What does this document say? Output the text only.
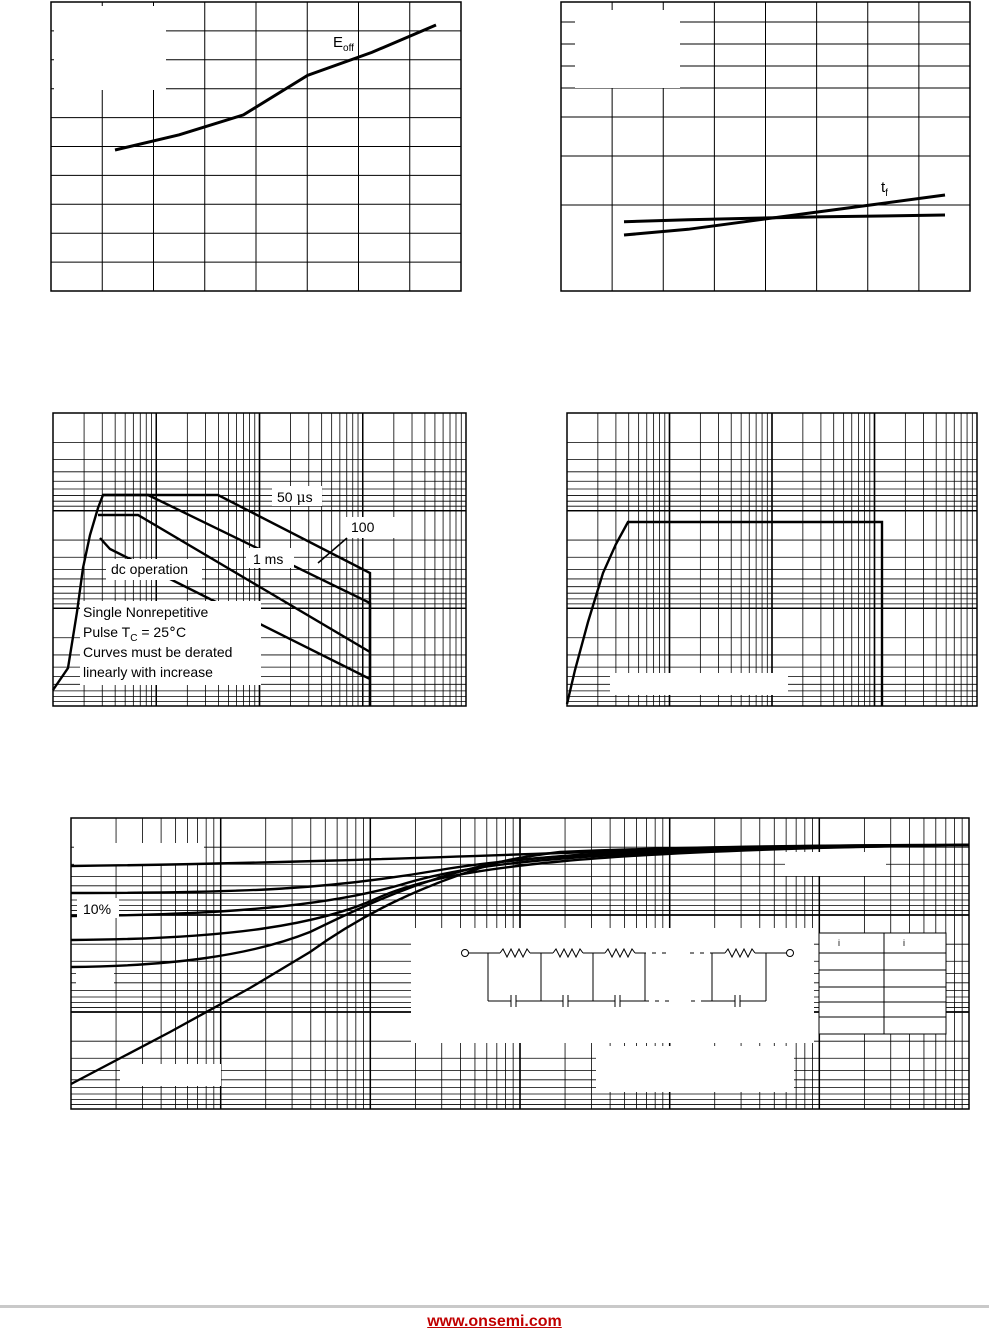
$E_{off}$
$t_f$
50 μs
100
1 ms
dc operation
Single Nonrepetitive
Pulse $T_C = 25^\circ C$
Curves must be derated
linearly with increase
10%
i	i
www.onsemi.com
